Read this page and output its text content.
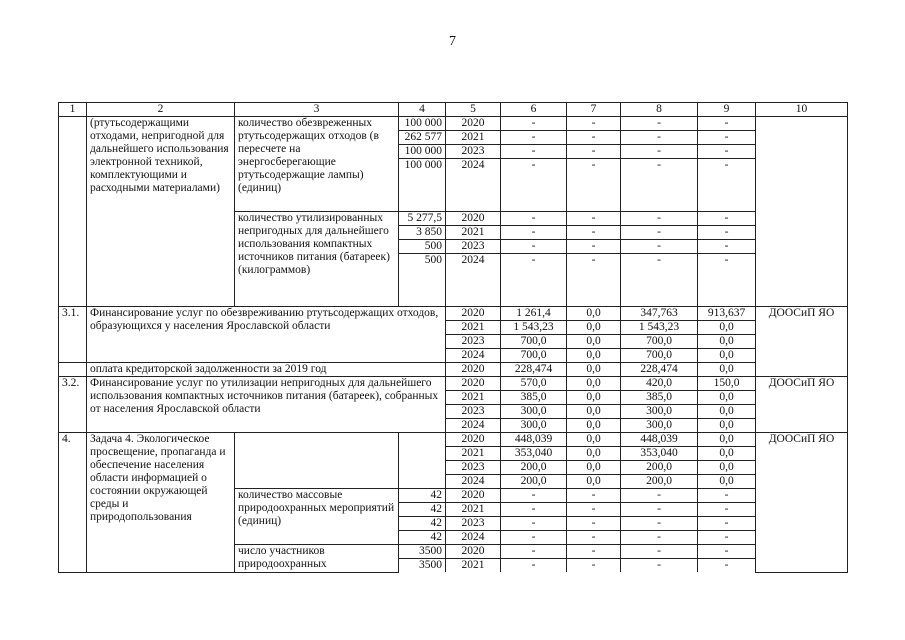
7
1	2	3	4	5	6	7	8	9	10
	(ртутьсодержащими отходами, непригодной для дальнейшего использования электронной техникой, комплектующими и расходными материалами)	количество обезвреженных ртутьсодержащих отходов (в пересчете на энергосберегающие ртутьсодержащие лампы) (единиц)	100 000	2020	-	-	-	-	
			262 577	2021	-	-	-	-	
			100 000	2023	-	-	-	-	
			100 000	2024	-	-	-	-	
		количество утилизированных непригодных для дальнейшего использования компактных источников питания (батареек) (килограммов)	5 277,5	2020	-	-	-	-	
			3 850	2021	-	-	-	-	
			500	2023	-	-	-	-	
			500	2024	-	-	-	-	
3.1.	Финансирование услуг по обезвреживанию ртутьсодержащих отходов, образующихся у населения Ярославской области			2020	1 261,4	0,0	347,763	913,637	ДООСиП ЯО
				2021	1 543,23	0,0	1 543,23	0,0	
				2023	700,0	0,0	700,0	0,0	
				2024	700,0	0,0	700,0	0,0	
	оплата кредиторской задолженности за 2019 год			2020	228,474	0,0	228,474	0,0	
3.2.	Финансирование услуг по утилизации непригодных для дальнейшего использования компактных источников питания (батареек), собранных от населения Ярославской области			2020	570,0	0,0	420,0	150,0	ДООСиП ЯО
				2021	385,0	0,0	385,0	0,0	
				2023	300,0	0,0	300,0	0,0	
				2024	300,0	0,0	300,0	0,0	
4.	Задача 4. Экологическое просвещение, пропаганда и обеспечение населения области информацией о состоянии окружающей среды и природопользования			2020	448,039	0,0	448,039	0,0	ДООСиП ЯО
				2021	353,040	0,0	353,040	0,0	
				2023	200,0	0,0	200,0	0,0	
				2024	200,0	0,0	200,0	0,0	
		количество массовые природоохранных мероприятий (единиц)	42	2020	-	-	-	-	
			42	2021	-	-	-	-	
			42	2023	-	-	-	-	
			42	2024	-	-	-	-	
		число участников природоохранных	3500	2020	-	-	-	-	
			3500	2021	-	-	-	-	
